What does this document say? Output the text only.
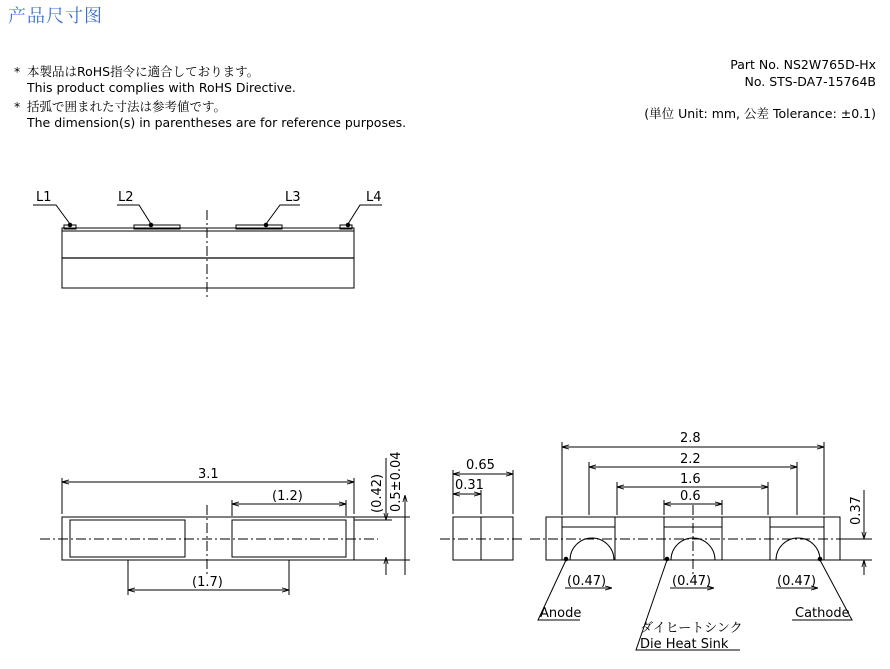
产品尺寸图
* 本製品はRoHS指令に適合しております。
This product complies with RoHS Directive.
* 括弧で囲まれた寸法は参考値です。
The dimension(s) in parentheses are for reference purposes.
Part No. NS2W765D-Hx
No. STS-DA7-15764B
(単位 Unit: mm, 公差 Tolerance: ±0.1)
L1	L2	L3	L4
3.1
(1.2)
(1.7)
(0.42) 0.5±0.04	0.65
0.31
2.8
2.2
1.6
0.6	0.37
(0.47)	(0.47)	(0.47)
Anode	Cathode
ダイヒートシンク
Die Heat Sink
